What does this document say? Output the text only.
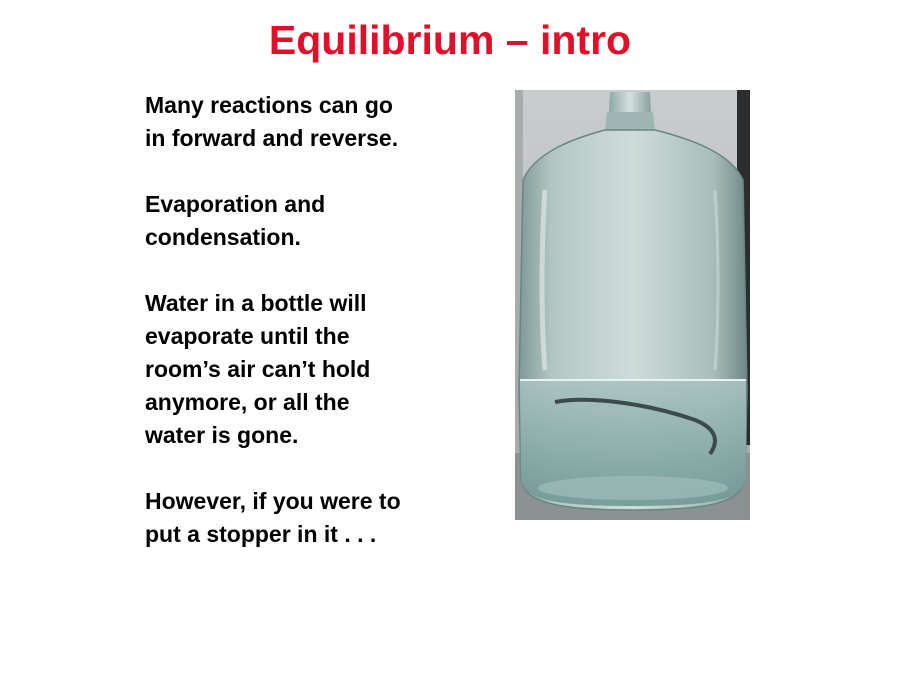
Equilibrium – intro

Many reactions can go
in forward and reverse.

Evaporation and
condensation.

Water in a bottle will
evaporate until the
room’s air can’t hold
anymore, or all the
water is gone.

However, if you were to
put a stopper in it . . .
